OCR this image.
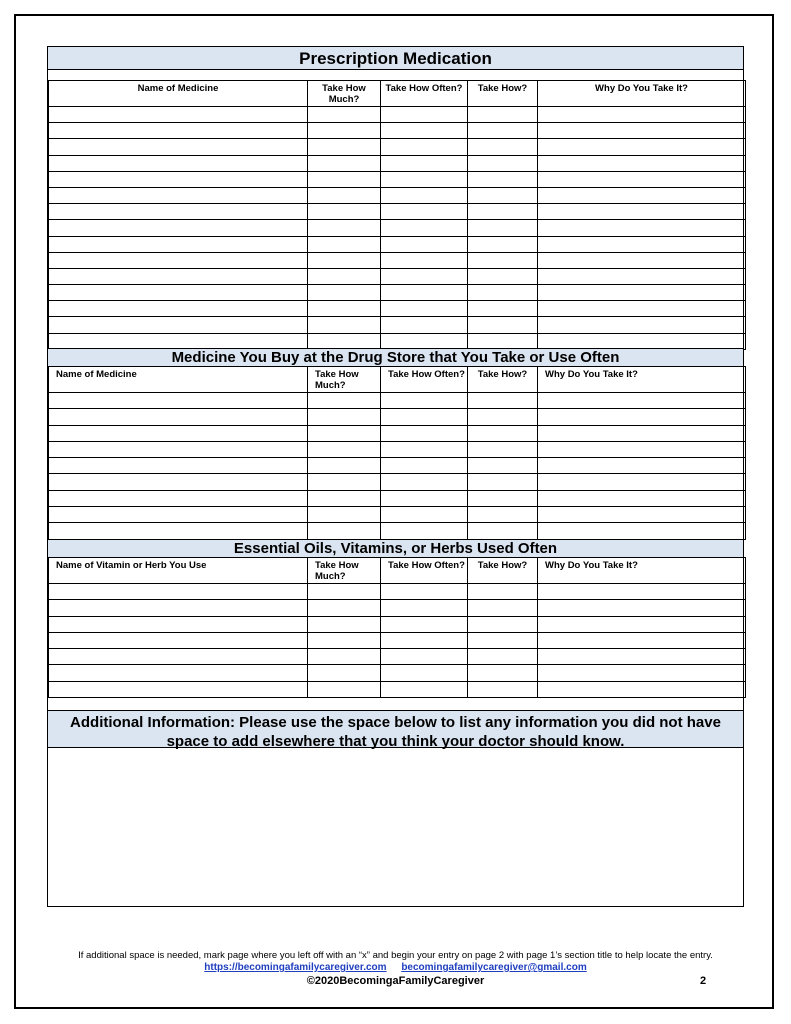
Prescription Medication
Name of Medicine	Take How Much?	Take How Often?	Take How?	Why Do You Take It?

Medicine You Buy at the Drug Store that You Take or Use Often
Name of Medicine	Take How Much?	Take How Often?	Take How?	Why Do You Take It?

Essential Oils, Vitamins, or Herbs Used Often
Name of Vitamin or Herb You Use	Take How Much?	Take How Often?	Take How?	Why Do You Take It?

Additional Information: Please use the space below to list any information you did not have
space to add elsewhere that you think your doctor should know.
If additional space is needed, mark page where you left off with an “x” and begin your entry on page 2 with page 1’s section title to help locate the entry.
https://becomingafamilycaregiver.com becomingafamilycaregiver@gmail.com
©2020BecomingaFamilyCaregiver	2
